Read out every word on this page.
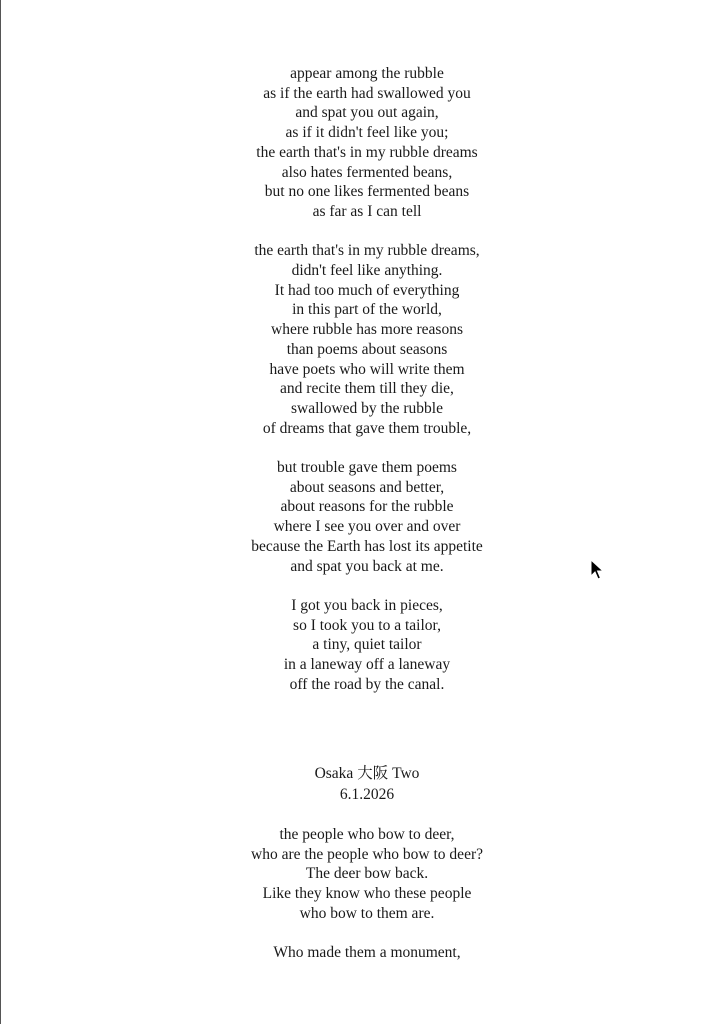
appear among the rubble
as if the earth had swallowed you
and spat you out again,
as if it didn't feel like you;
the earth that's in my rubble dreams
also hates fermented beans,
but no one likes fermented beans
as far as I can tell
the earth that's in my rubble dreams,
didn't feel like anything.
It had too much of everything
in this part of the world,
where rubble has more reasons
than poems about seasons
have poets who will write them
and recite them till they die,
swallowed by the rubble
of dreams that gave them trouble,
but trouble gave them poems
about seasons and better,
about reasons for the rubble
where I see you over and over
because the Earth has lost its appetite
and spat you back at me.
I got you back in pieces,
so I took you to a tailor,
a tiny, quiet tailor
in a laneway off a laneway
off the road by the canal.
Osaka 大阪 Two
6.1.2026
the people who bow to deer,
who are the people who bow to deer?
The deer bow back.
Like they know who these people
who bow to them are.
Who made them a monument,
